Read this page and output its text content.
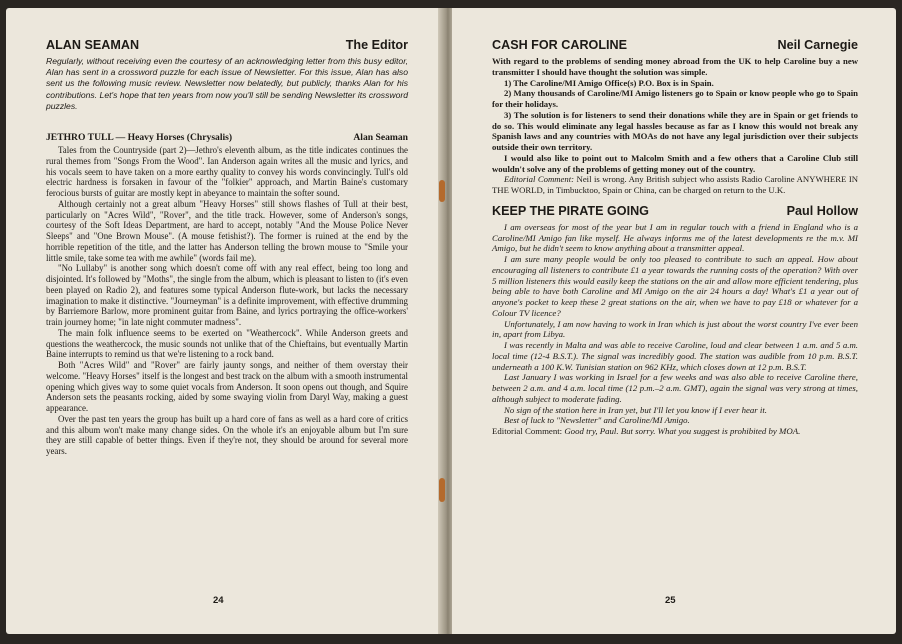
ALAN SEAMAN	The Editor

Regularly, without receiving even the courtesy of an acknowledging letter from this busy editor, Alan has sent in a crossword puzzle for each issue of Newsletter. For this issue, Alan has also sent us the following music review. Newsletter now belatedly, but publicly, thanks Alan for his contributions. Let's hope that ten years from now you'll still be sending Newsletter its crossword puzzles.

JETHRO TULL — Heavy Horses (Chrysalis)	Alan Seaman

Tales from the Countryside (part 2)—Jethro's eleventh album, as the title indicates continues the rural themes from "Songs From the Wood". Ian Anderson again writes all the music and lyrics, and his vocals seem to have taken on a more earthy quality to convey his words convincingly. Tull's old electric hardness is forsaken in favour of the "folkier" approach, and Martin Baine's customary ferocious bursts of guitar are mostly kept in abeyance to maintain the softer sound.

Although certainly not a great album "Heavy Horses" still shows flashes of Tull at their best, particularly on "Acres Wild", "Rover", and the title track. However, some of Anderson's songs, courtesy of the Soft Ideas Department, are hard to accept, notably "And the Mouse Police Never Sleeps" and "One Brown Mouse". (A mouse fetishist?). The former is ruined at the end by the horrible repetition of the title, and the latter has Anderson telling the brown mouse to "Smile your little smile, take some tea with me awhile" (words fail me).

"No Lullaby" is another song which doesn't come off with any real effect, being too long and disjointed. It's followed by "Moths", the single from the album, which is pleasant to listen to (it's even been played on Radio 2), and features some typical Anderson flute-work, but lacks the necessary imagination to make it distinctive. "Journeyman" is a definite improvement, with effective drumming by Barriemore Barlow, more prominent guitar from Baine, and lyrics portraying the office-workers' train journey home; "in late night commuter madness".

The main folk influence seems to be exerted on "Weathercock". While Anderson greets and questions the weathercock, the music sounds not unlike that of the Chieftains, but eventually Martin Baine interrupts to remind us that we're listening to a rock band.

Both "Acres Wild" and "Rover" are fairly jaunty songs, and neither of them overstay their welcome. "Heavy Horses" itself is the longest and best track on the album with a smooth instrumental opening which gives way to some quiet vocals from Anderson. It soon opens out though, and Squire Anderson sets the peasants rocking, aided by some swaying violin from Daryl Way, making a guest appearance.

Over the past ten years the group has built up a hard core of fans as well as a hard core of critics and this album won't make many change sides. On the whole it's an enjoyable album but I'm sure they are still capable of better things. Even if they're not, they should be around for several more years.

24
CASH FOR CAROLINE	Neil Carnegie

With regard to the problems of sending money abroad from the UK to help Caroline buy a new transmitter I should have thought the solution was simple.

1) The Caroline/MI Amigo Office(s) P.O. Box is in Spain.

2) Many thousands of Caroline/MI Amigo listeners go to Spain or know people who go to Spain for their holidays.

3) The solution is for listeners to send their donations while they are in Spain or get friends to do so. This would eliminate any legal hassles because as far as I know this would not break any Spanish laws and any countries with MOAs do not have any legal jurisdiction over their subjects outside their own territory.

I would also like to point out to Malcolm Smith and a few others that a Caroline Club still wouldn't solve any of the problems of getting money out of the country.

Editorial Comment: Neil is wrong. Any British subject who assists Radio Caroline ANYWHERE IN THE WORLD, in Timbucktoo, Spain or China, can be charged on return to the U.K.

KEEP THE PIRATE GOING	Paul Hollow

I am overseas for most of the year but I am in regular touch with a friend in England who is a Caroline/MI Amigo fan like myself. He always informs me of the latest developments re the m.v. MI Amigo, but he didn't seem to know anything about a transmitter appeal.

I am sure many people would be only too pleased to contribute to such an appeal. How about encouraging all listeners to contribute £1 a year towards the running costs of the operation? With over 5 million listeners this would easily keep the stations on the air and allow more efficient tendering, plus being able to have both Caroline and MI Amigo on the air 24 hours a day! What's £1 a year out of anyone's pocket to keep these 2 great stations on the air, when we have to pay £18 or whatever for a Colour TV licence?

Unfortunately, I am now having to work in Iran which is just about the worst country I've ever been in, apart from Libya.

I was recently in Malta and was able to receive Caroline, loud and clear between 1 a.m. and 5 a.m. local time (12-4 B.S.T.). The signal was incredibly good. The station was audible from 10 p.m. B.S.T. underneath a 100 K.W. Tunisian station on 962 KHz, which closes down at 12 p.m. B.S.T.

Last January I was working in Israel for a few weeks and was also able to receive Caroline there, between 2 a.m. and 4 a.m. local time (12 p.m.–2 a.m. GMT), again the signal was very strong at times, although subject to moderate fading.

No sign of the station here in Iran yet, but I'll let you know if I ever hear it.

Best of luck to "Newsletter" and Caroline/MI Amigo.

Editorial Comment: Good try, Paul. But sorry. What you suggest is prohibited by MOA.

25
